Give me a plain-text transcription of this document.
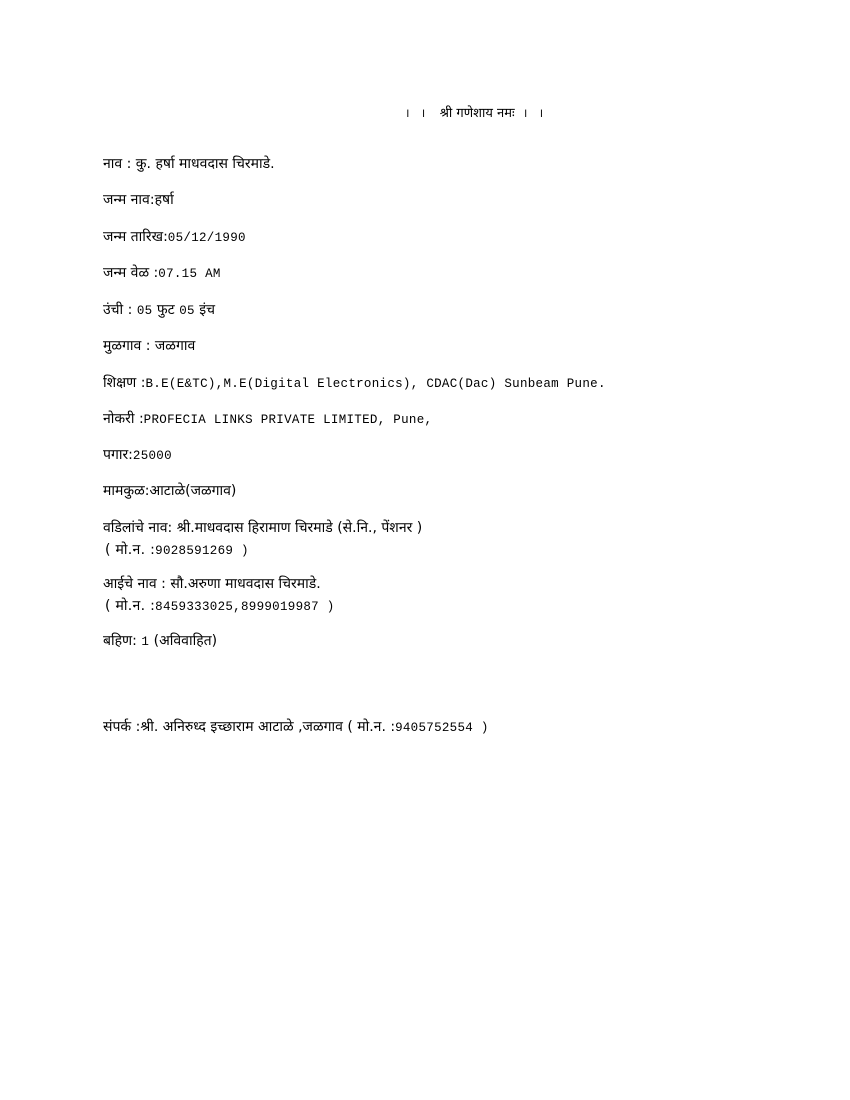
। । श्री गणेशाय नमः । ।
नाव : कु. हर्षा माधवदास चिरमाडे.
जन्म नाव:हर्षा
जन्म तारिख:05/12/1990
जन्म वेळ :07.15 AM
उंची : 05 फुट 05 इंच
मुळगाव : जळगाव
शिक्षण :B.E(E&TC),M.E(Digital Electronics), CDAC(Dac) Sunbeam Pune.
नोकरी :PROFECIA LINKS PRIVATE LIMITED, Pune,
पगार:25000
मामकुळ:आटाळे(जळगाव)
वडिलांचे नाव: श्री.माधवदास हिरामाण चिरमाडे (से.नि., पेंशनर )
( मो.न. :9028591269 )
आईचे नाव : सौ.अरुणा माधवदास चिरमाडे.
( मो.न. :8459333025,8999019987 )
बहिण: 1 (अविवाहित)
संपर्क :श्री. अनिरुध्द इच्छाराम आटाळे ,जळगाव ( मो.न. :9405752554 )
